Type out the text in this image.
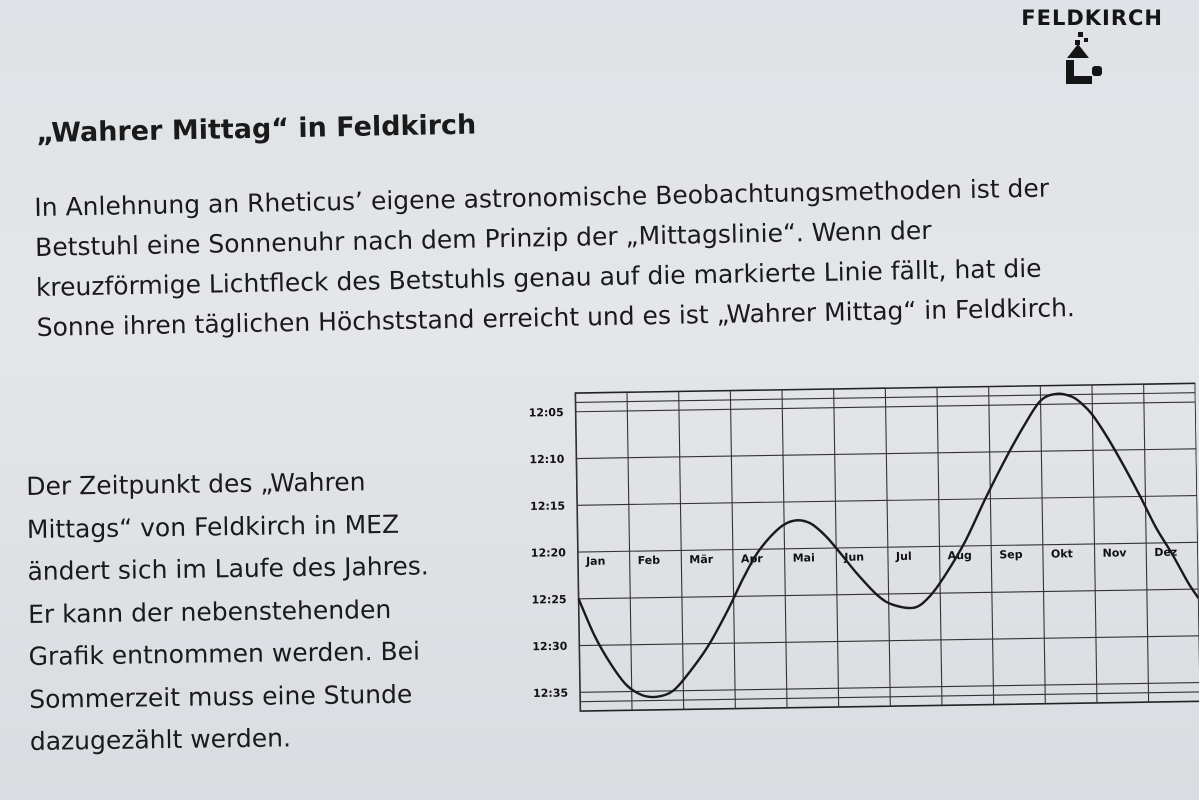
FELDKIRCH
„Wahrer Mittag“ in Feldkirch
In Anlehnung an Rheticus’ eigene astronomische Beobachtungsmethoden ist der
Betstuhl eine Sonnenuhr nach dem Prinzip der „Mittagslinie“. Wenn der
kreuzförmige Lichtfleck des Betstuhls genau auf die markierte Linie fällt, hat die
Sonne ihren täglichen Höchststand erreicht und es ist „Wahrer Mittag“ in Feldkirch.
Der Zeitpunkt des „Wahren
Mittags“ von Feldkirch in MEZ
ändert sich im Laufe des Jahres.
Er kann der nebenstehenden
Grafik entnommen werden. Bei
Sommerzeit muss eine Stunde
dazugezählt werden.
12:05
12:10
12:15
12:20
12:25
12:30
12:35
Jan	Feb	Mär	Apr	Mai	Jun	Jul	Aug Sep	Okt	Nov	Dez
